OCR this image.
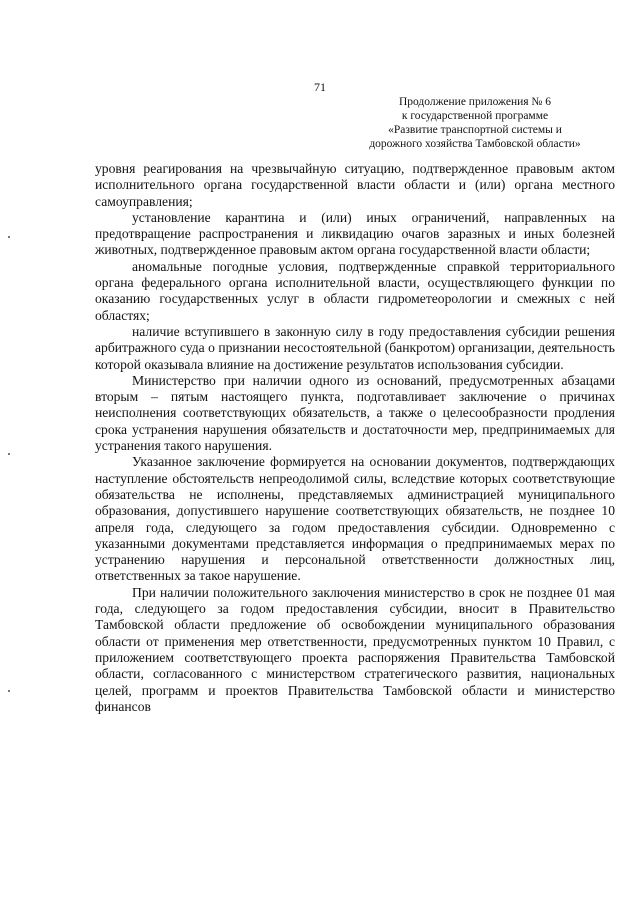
71
Продолжение приложения № 6
к государственной программе
«Развитие транспортной системы и
дорожного хозяйства Тамбовской области»

уровня реагирования на чрезвычайную ситуацию, подтвержденное правовым актом исполнительного органа государственной власти области и (или) органа местного самоуправления;

установление карантина и (или) иных ограничений, направленных на предотвращение распространения и ликвидацию очагов заразных и иных болезней животных, подтвержденное правовым актом органа государственной власти области;

аномальные погодные условия, подтвержденные справкой территориального органа федерального органа исполнительной власти, осуществляющего функции по оказанию государственных услуг в области гидрометеорологии и смежных с ней областях;

наличие вступившего в законную силу в году предоставления субсидии решения арбитражного суда о признании несостоятельной (банкротом) организации, деятельность которой оказывала влияние на достижение результатов использования субсидии.

Министерство при наличии одного из оснований, предусмотренных абзацами вторым – пятым настоящего пункта, подготавливает заключение о причинах неисполнения соответствующих обязательств, а также о целесообразности продления срока устранения нарушения обязательств и достаточности мер, предпринимаемых для устранения такого нарушения.

Указанное заключение формируется на основании документов, подтверждающих наступление обстоятельств непреодолимой силы, вследствие которых соответствующие обязательства не исполнены, представляемых администрацией муниципального образования, допустившего нарушение соответствующих обязательств, не позднее 10 апреля года, следующего за годом предоставления субсидии. Одновременно с указанными документами представляется информация о предпринимаемых мерах по устранению нарушения и персональной ответственности должностных лиц, ответственных за такое нарушение.

При наличии положительного заключения министерство в срок не позднее 01 мая года, следующего за годом предоставления субсидии, вносит в Правительство Тамбовской области предложение об освобождении муниципального образования области от применения мер ответственности, предусмотренных пунктом 10 Правил, с приложением соответствующего проекта распоряжения Правительства Тамбовской области, согласованного с министерством стратегического развития, национальных целей, программ и проектов Правительства Тамбовской области и министерство финансов
